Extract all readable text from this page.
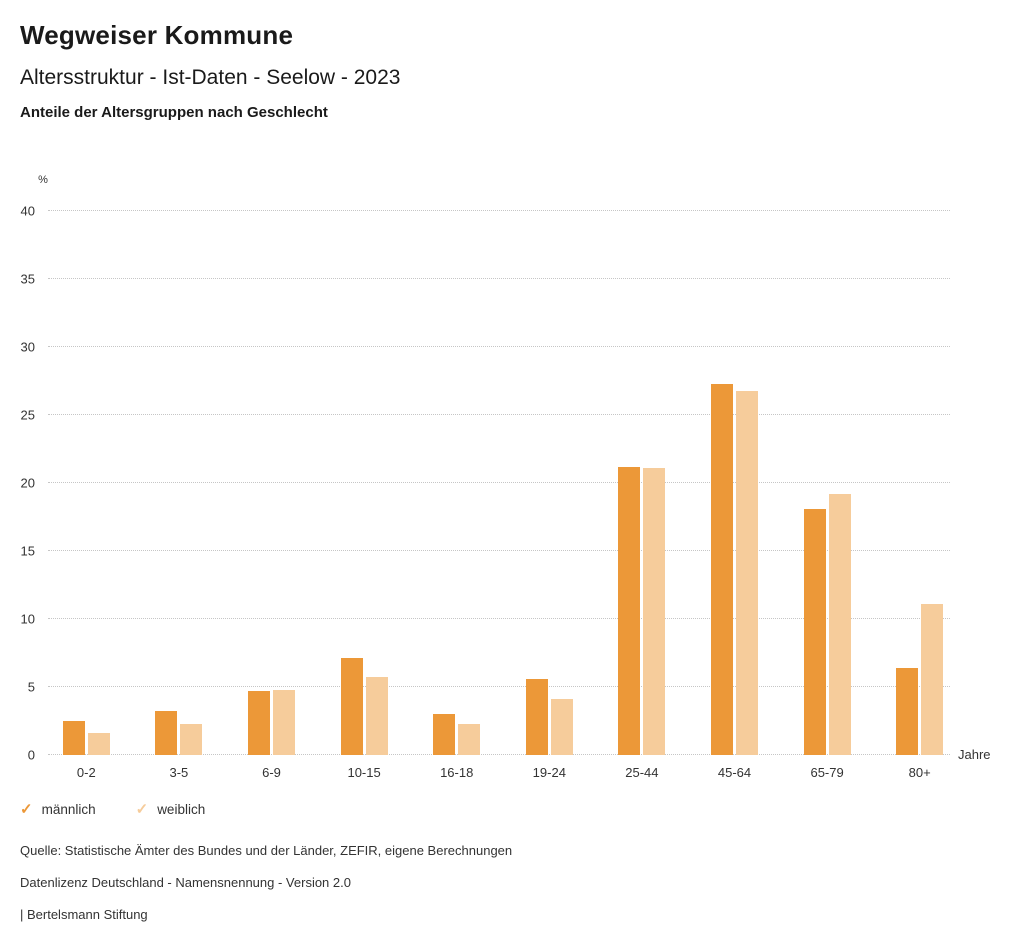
Wegweiser Kommune
Altersstruktur - Ist-Daten - Seelow - 2023
Anteile der Altersgruppen nach Geschlecht
%
Jahre
0
5
10
15
20
25
30
35
40
0-2	3-5	6-9	10-15	16-18	19-24	25-44	45-64	65-79	80+
✓ männlich	✓ weiblich
Quelle: Statistische Ämter des Bundes und der Länder, ZEFIR, eigene Berechnungen
Datenlizenz Deutschland - Namensnennung - Version 2.0
| Bertelsmann Stiftung
